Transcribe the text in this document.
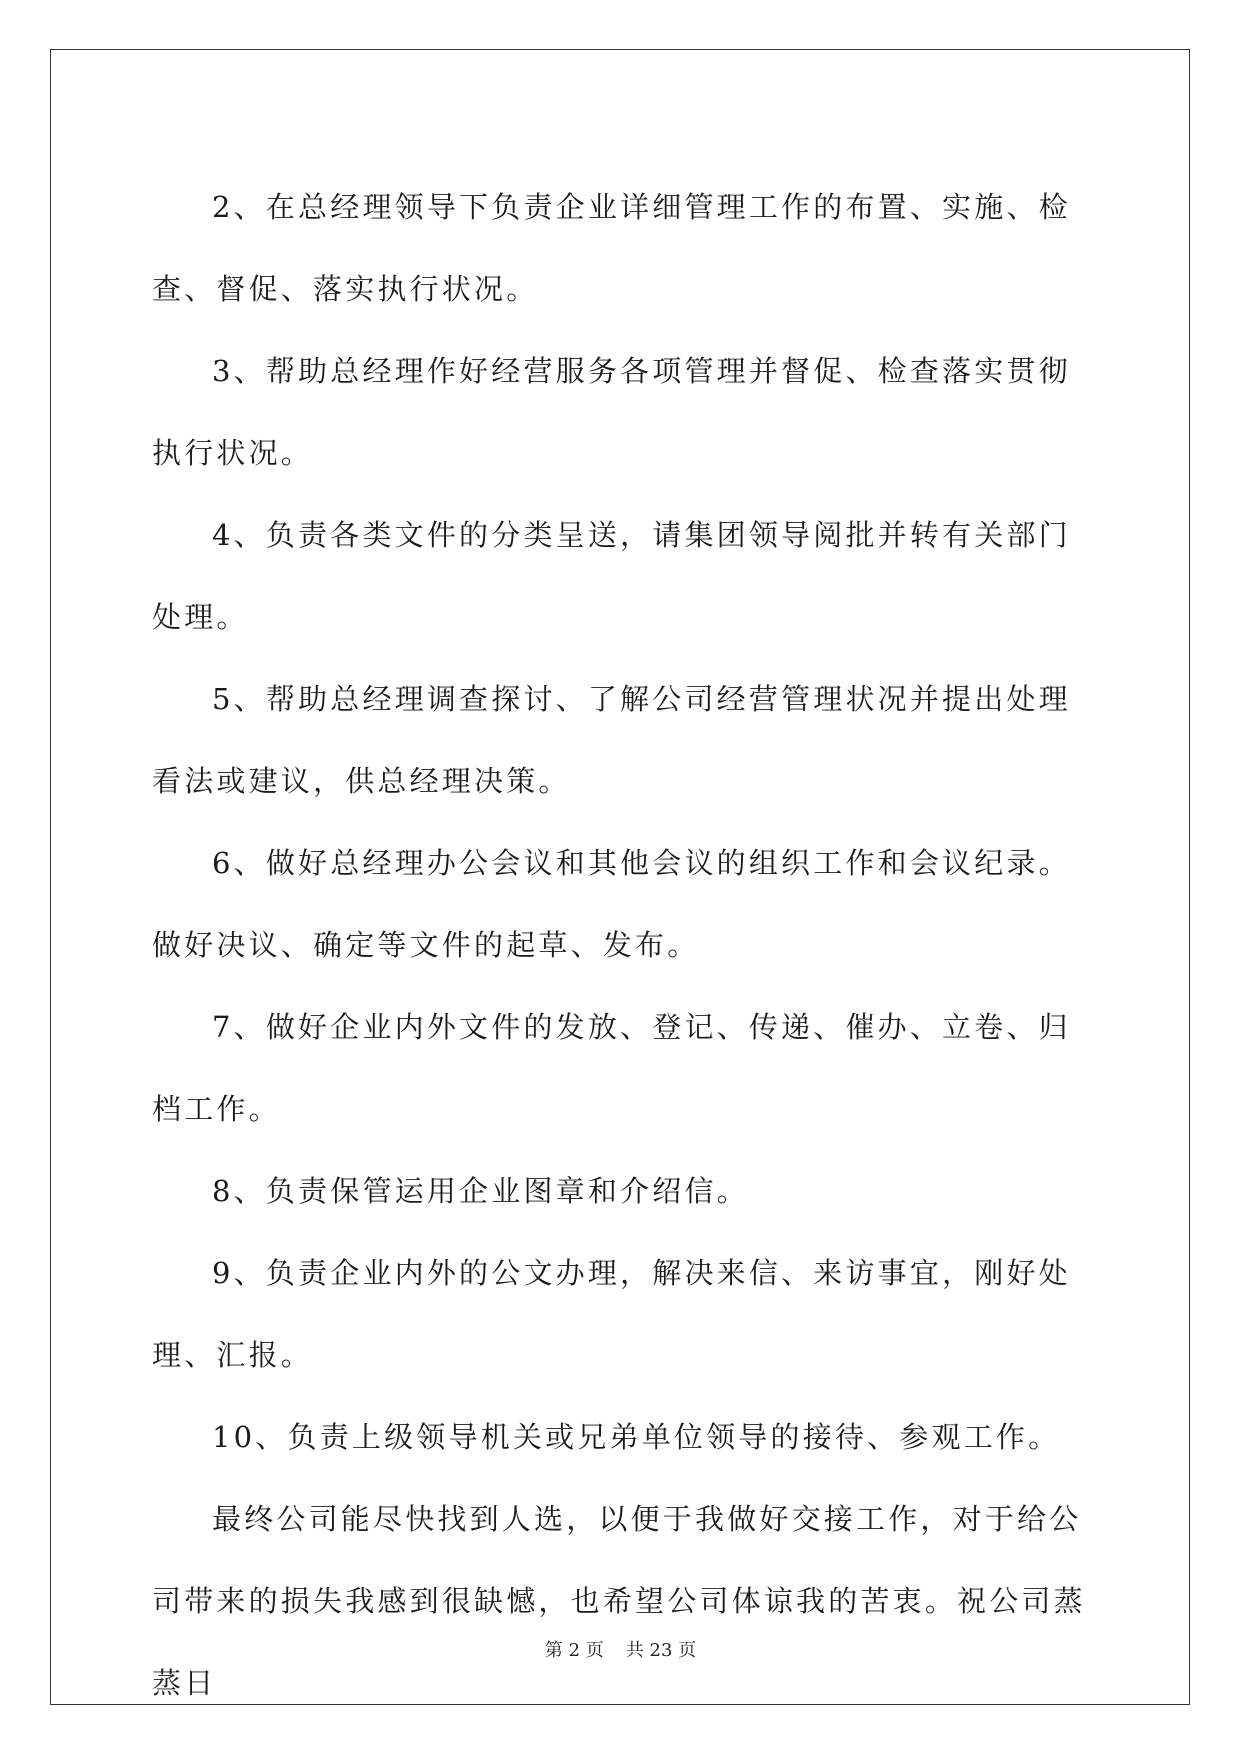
2、在总经理领导下负责企业详细管理工作的布置、实施、检查、督促、落实执行状况。

3、帮助总经理作好经营服务各项管理并督促、检查落实贯彻执行状况。

4、负责各类文件的分类呈送，请集团领导阅批并转有关部门处理。

5、帮助总经理调查探讨、了解公司经营管理状况并提出处理看法或建议，供总经理决策。

6、做好总经理办公会议和其他会议的组织工作和会议纪录。做好决议、确定等文件的起草、发布。

7、做好企业内外文件的发放、登记、传递、催办、立卷、归档工作。

8、负责保管运用企业图章和介绍信。

9、负责企业内外的公文办理，解决来信、来访事宜，刚好处理、汇报。

10、负责上级领导机关或兄弟单位领导的接待、参观工作。

最终公司能尽快找到人选，以便于我做好交接工作，对于给公司带来的损失我感到很缺憾，也希望公司体谅我的苦衷。祝公司蒸蒸日

第 2 页 共 23 页
